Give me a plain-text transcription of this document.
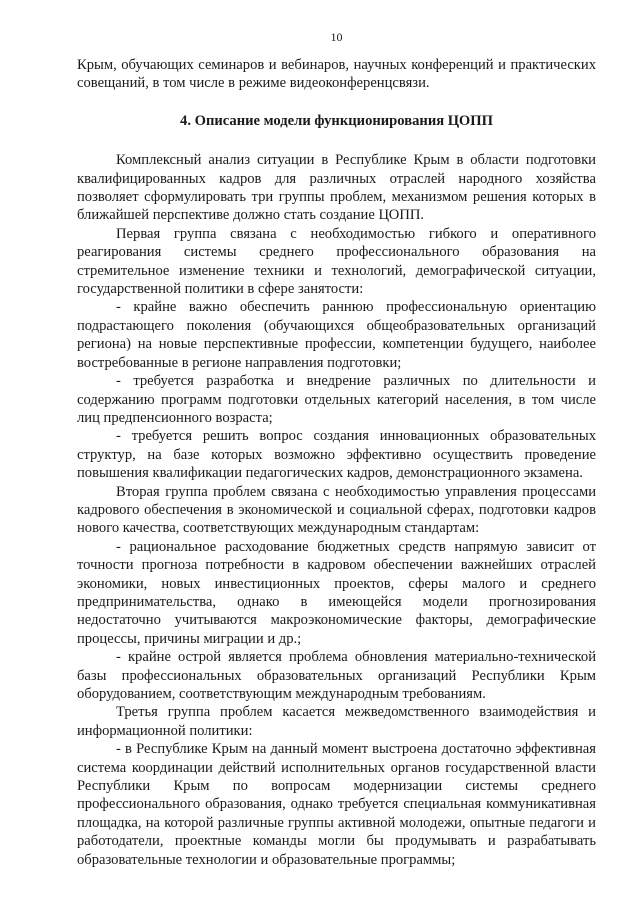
10

Крым, обучающих семинаров и вебинаров, научных конференций и практических совещаний, в том числе в режиме видеоконференцсвязи.

4. Описание модели функционирования ЦОПП

Комплексный анализ ситуации в Республике Крым в области подготовки квалифицированных кадров для различных отраслей народного хозяйства позволяет сформулировать три группы проблем, механизмом решения которых в ближайшей перспективе должно стать создание ЦОПП.

Первая группа связана с необходимостью гибкого и оперативного реагирования системы среднего профессионального образования на стремительное изменение техники и технологий, демографической ситуации, государственной политики в сфере занятости:

- крайне важно обеспечить раннюю профессиональную ориентацию подрастающего поколения (обучающихся общеобразовательных организаций региона) на новые перспективные профессии, компетенции будущего, наиболее востребованные в регионе направления подготовки;

- требуется разработка и внедрение различных по длительности и содержанию программ подготовки отдельных категорий населения, в том числе лиц предпенсионного возраста;

- требуется решить вопрос создания инновационных образовательных структур, на базе которых возможно эффективно осуществить проведение повышения квалификации педагогических кадров, демонстрационного экзамена.

Вторая группа проблем связана с необходимостью управления процессами кадрового обеспечения в экономической и социальной сферах, подготовки кадров нового качества, соответствующих международным стандартам:

- рациональное расходование бюджетных средств напрямую зависит от точности прогноза потребности в кадровом обеспечении важнейших отраслей экономики, новых инвестиционных проектов, сферы малого и среднего предпринимательства, однако в имеющейся модели прогнозирования недостаточно учитываются макроэкономические факторы, демографические процессы, причины миграции и др.;

- крайне острой является проблема обновления материально-технической базы профессиональных образовательных организаций Республики Крым оборудованием, соответствующим международным требованиям.

Третья группа проблем касается межведомственного взаимодействия и информационной политики:

- в Республике Крым на данный момент выстроена достаточно эффективная система координации действий исполнительных органов государственной власти Республики Крым по вопросам модернизации системы среднего профессионального образования, однако требуется специальная коммуникативная площадка, на которой различные группы активной молодежи, опытные педагоги и работодатели, проектные команды могли бы продумывать и разрабатывать образовательные технологии и образовательные программы;
